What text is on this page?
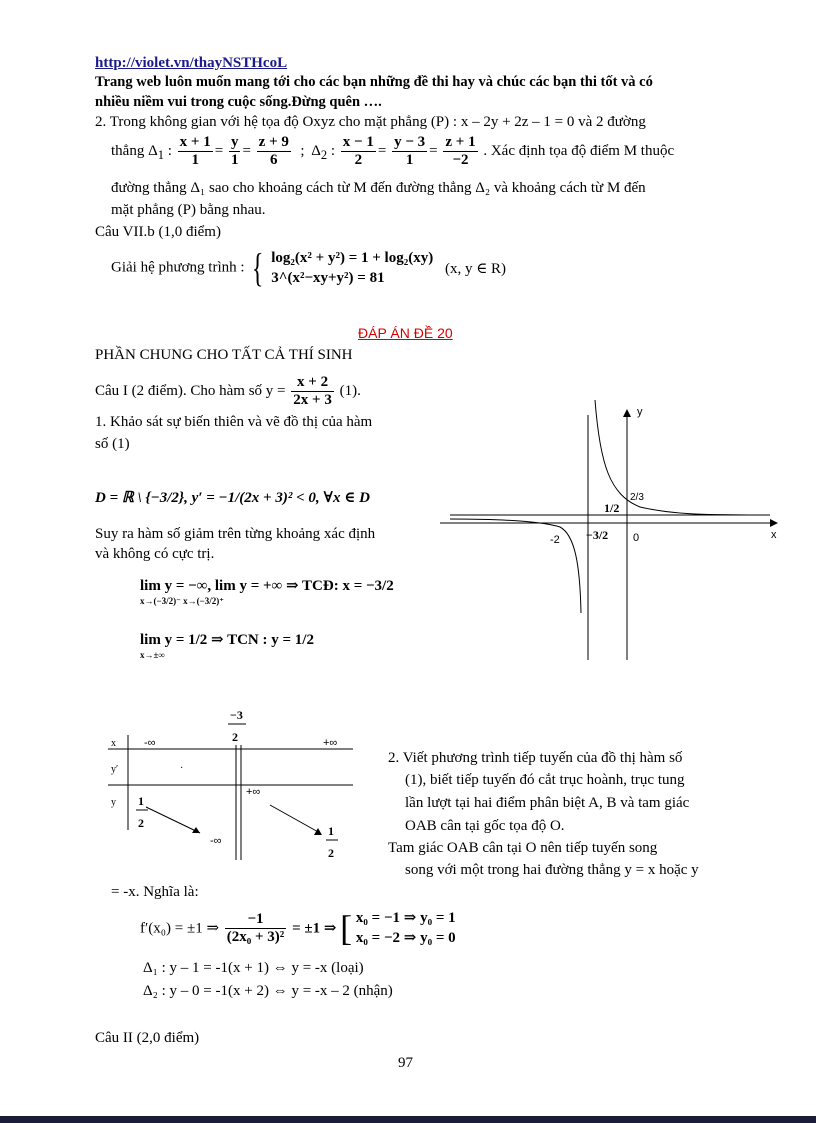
http://violet.vn/thayNSTHcoL
Trang web luôn muốn mang tới cho các bạn những đề thi hay và chúc các bạn thi tốt và có
nhiều niềm vui trong cuộc sống.Đừng quên ….
2. Trong không gian với hệ tọa độ Oxyz cho mặt phẳng (P) : x – 2y + 2z – 1 = 0 và 2 đường
thẳng $\Delta_1$ : $\frac{x + 1}{1} = \frac{y}{1} = \frac{z + 9}{6}$ ;  $\Delta_2$ : $\frac{x - 1}{2} = \frac{y - 3}{1} = \frac{z + 1}{-2}$ . Xác định tọa độ điểm M thuộc
đường thẳng Δ₁ sao cho khoảng cách từ M đến đường thẳng Δ₂ và khoảng cách từ M đến
mặt phẳng (P) bằng nhau.
Câu VII.b (1,0 điểm)
Giải hệ phương trình : { log₂(x² + y²) = 1 + log₂(xy)
3^(x²−xy+y²) = 81 (x, y ∈ R)
ĐÁP ÁN ĐỀ 20
PHẦN CHUNG CHO TẤT CẢ THÍ SINH
Câu I (2 điểm). Cho hàm số $y = \frac{x + 2}{2x + 3} (1)$.
1. Khảo sát sự biến thiên và vẽ đồ thị của hàm
số (1)
D = ℝ \ {−3/2}, y′ = −1/(2x + 3)² < 0, ∀x ∈ D
Suy ra hàm số giảm trên từng khoảng xác định
và không có cực trị.
lim y = −∞, lim y = +∞ ⇒ TCĐ: x = −3/2
x→(−3/2)⁻ x→(−3/2)⁺
lim y = 1/2 ⇒ TCN : y = 1/2
x→±∞
y
x
1/2
2/3
-2 −3/2 0
x
y′
y
-∞	+∞
−3
2
·
1
2
-∞
+∞
1
2
2. Viết phương trình tiếp tuyến của đồ thị hàm số
(1), biết tiếp tuyến đó cắt trục hoành, trục tung
lần lượt tại hai điểm phân biệt A, B và tam giác
OAB cân tại gốc tọa độ O.
Tam giác OAB cân tại O nên tiếp tuyến song
song với một trong hai đường thẳng y = x hoặc y
= -x. Nghĩa là:
f′(x₀) = ±1 ⇒ $\frac{-1}{\text{(2x₀ + 3)²}} = \pm 1$ ⇒ [ x₀ = −1 ⇒ y₀ = 1
x₀ = −2 ⇒ y₀ = 0
Δ₁ : y – 1 = -1(x + 1) ⇔ y = -x (loại)
Δ₂ : y – 0 = -1(x + 2) ⇔ y = -x – 2 (nhận)
Câu II (2,0 điểm)
97
